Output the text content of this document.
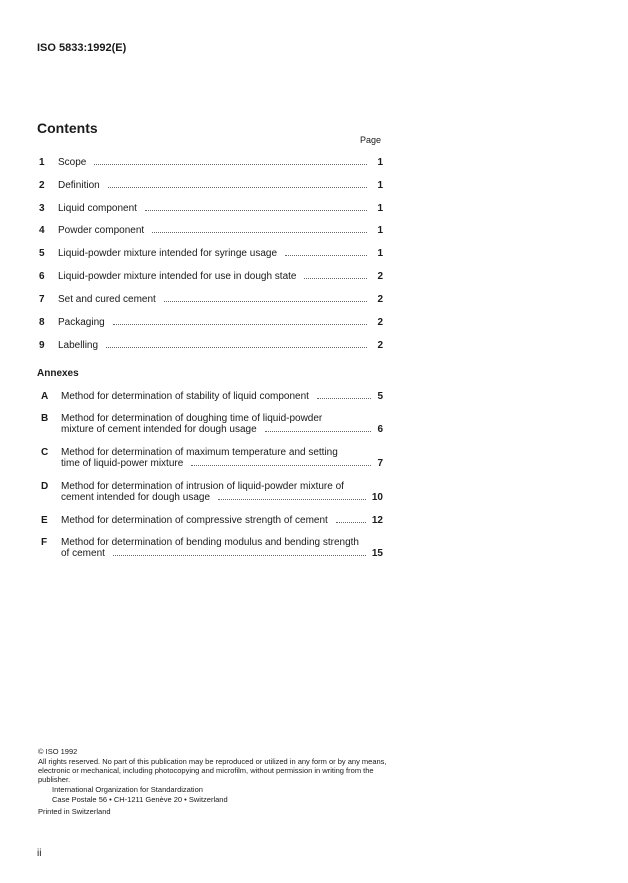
ISO 5833:1992(E)
Contents
Page
1 Scope	1
2 Definition	1
3 Liquid component	1
4 Powder component	1
5 Liquid-powder mixture intended for syringe usage	1
6 Liquid-powder mixture intended for use in dough state	2
7 Set and cured cement	2
8 Packaging	2
9 Labelling	2
Annexes
A Method for determination of stability of liquid component	5
B Method for determination of doughing time of liquid-powder
mixture of cement intended for dough usage	6
C Method for determination of maximum temperature and setting
time of liquid-power mixture	7
D Method for determination of intrusion of liquid-powder mixture of
cement intended for dough usage	10
E Method for determination of compressive strength of cement	12
F Method for determination of bending modulus and bending strength
of cement	15
© ISO 1992

All rights reserved. No part of this publication may be reproduced or utilized in any form or by any means, electronic or mechanical, including photocopying and microfilm, without permission in writing from the publisher.

International Organization for Standardization
Case Postale 56 • CH-1211 Genève 20 • Switzerland
Printed in Switzerland
ii
